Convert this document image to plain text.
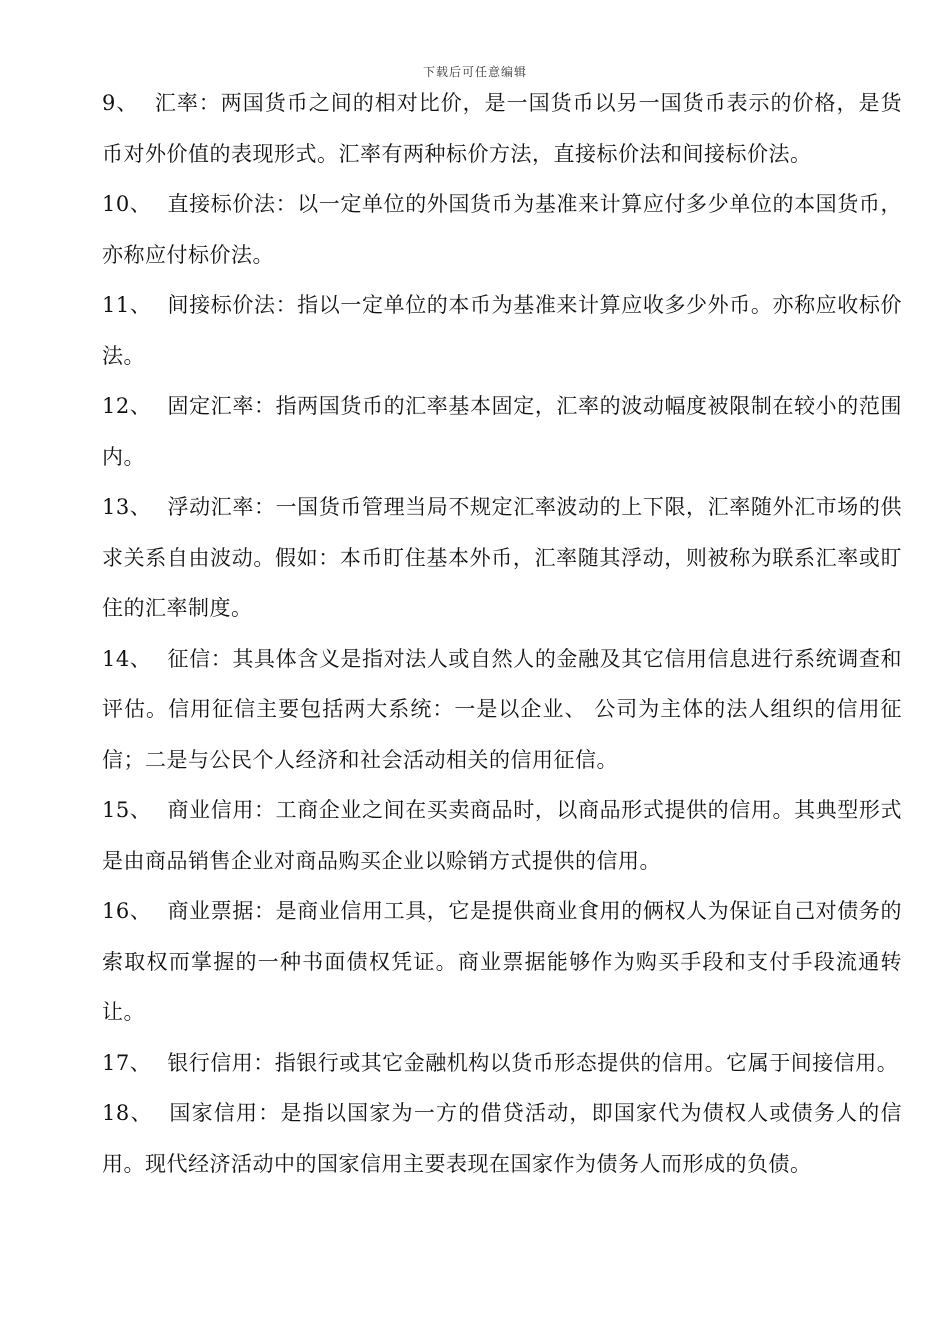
下载后可任意编辑

9、 汇率：两国货币之间的相对比价，是一国货币以另一国货币表示的价格，是货币对外价值的表现形式。汇率有两种标价方法，直接标价法和间接标价法。

10、 直接标价法：以一定单位的外国货币为基准来计算应付多少单位的本国货币，亦称应付标价法。

11、 间接标价法：指以一定单位的本币为基准来计算应收多少外币。亦称应收标价法。

12、 固定汇率：指两国货币的汇率基本固定，汇率的波动幅度被限制在较小的范围内。

13、 浮动汇率：一国货币管理当局不规定汇率波动的上下限，汇率随外汇市场的供求关系自由波动。假如：本币盯住基本外币，汇率随其浮动，则被称为联系汇率或盯住的汇率制度。

14、 征信：其具体含义是指对法人或自然人的金融及其它信用信息进行系统调查和评估。信用征信主要包括两大系统：一是以企业、 公司为主体的法人组织的信用征信；二是与公民个人经济和社会活动相关的信用征信。

15、 商业信用：工商企业之间在买卖商品时，以商品形式提供的信用。其典型形式是由商品销售企业对商品购买企业以赊销方式提供的信用。

16、 商业票据：是商业信用工具，它是提供商业食用的俩权人为保证自己对债务的索取权而掌握的一种书面债权凭证。商业票据能够作为购买手段和支付手段流通转让。

17、 银行信用：指银行或其它金融机构以货币形态提供的信用。它属于间接信用。

18、 国家信用：是指以国家为一方的借贷活动，即国家代为债权人或债务人的信用。现代经济活动中的国家信用主要表现在国家作为债务人而形成的负债。
